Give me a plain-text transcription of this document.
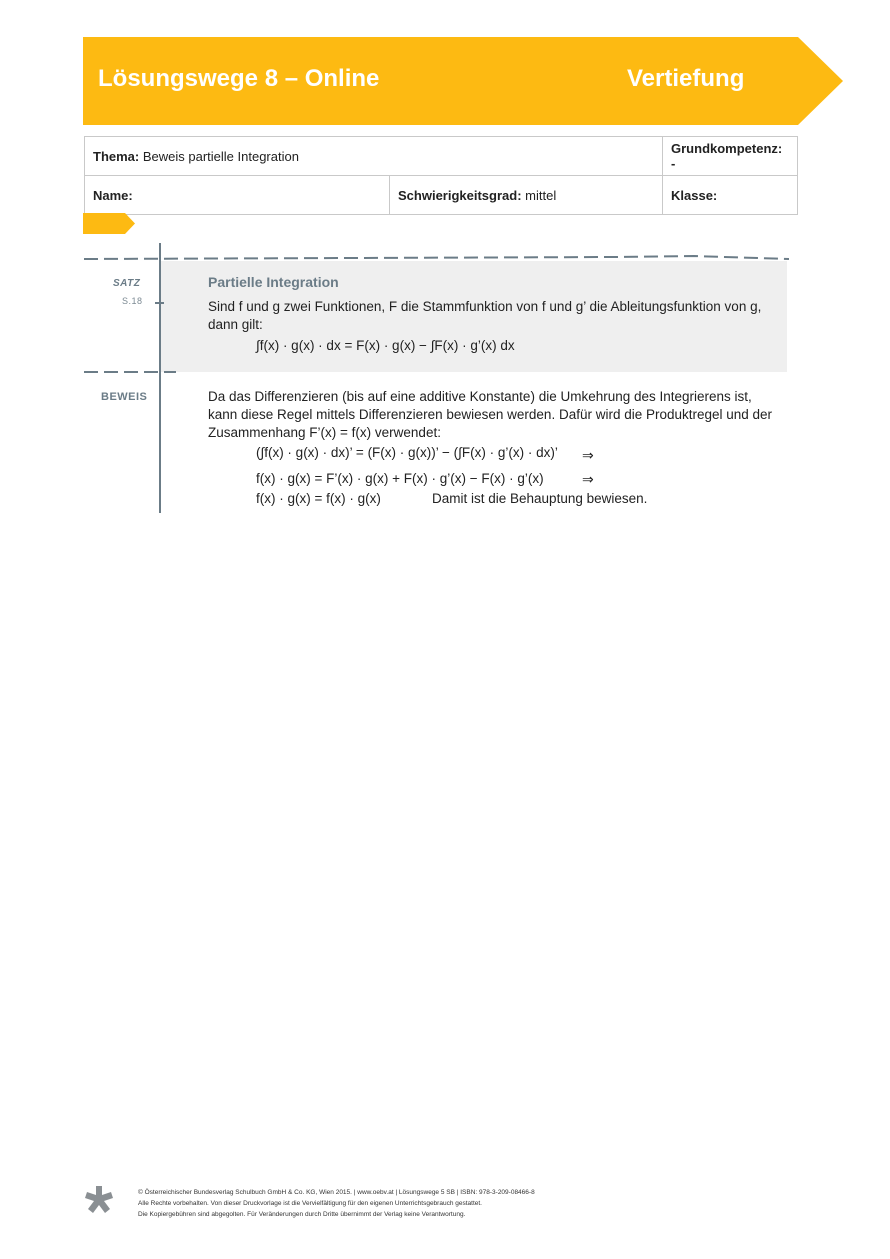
Lösungswege 8 – Online	Vertiefung
Thema: Beweis partielle Integration		Grundkompetenz: -
Name:	Schwierigkeitsgrad: mittel	Klasse:
SATZ
S.18
BEWEIS
Partielle Integration
Sind f und g zwei Funktionen, F die Stammfunktion von f und g’ die Ableitungsfunktion von g, dann gilt:
∫f(x) · g(x) · dx = F(x) · g(x) − ∫F(x) · g’(x) dx
Da das Differenzieren (bis auf eine additive Konstante) die Umkehrung des Integrierens ist, kann diese Regel mittels Differenzieren bewiesen werden. Dafür wird die Produktregel und der Zusammenhang F’(x) = f(x) verwendet:
(∫f(x) · g(x) · dx)’ = (F(x) · g(x))’ − (∫F(x) · g’(x) · dx)’ ⇒
f(x) · g(x) = F’(x) · g(x) + F(x) · g’(x) − F(x) · g’(x)	⇒
f(x) · g(x) = f(x) · g(x)	Damit ist die Behauptung bewiesen.
© Österreichischer Bundesverlag Schulbuch GmbH & Co. KG, Wien 2015. | www.oebv.at | Lösungswege 5 SB | ISBN: 978-3-209-08466-8
Alle Rechte vorbehalten. Von dieser Druckvorlage ist die Vervielfältigung für den eigenen Unterrichtsgebrauch gestattet.
Die Kopiergebühren sind abgegolten. Für Veränderungen durch Dritte übernimmt der Verlag keine Verantwortung.
